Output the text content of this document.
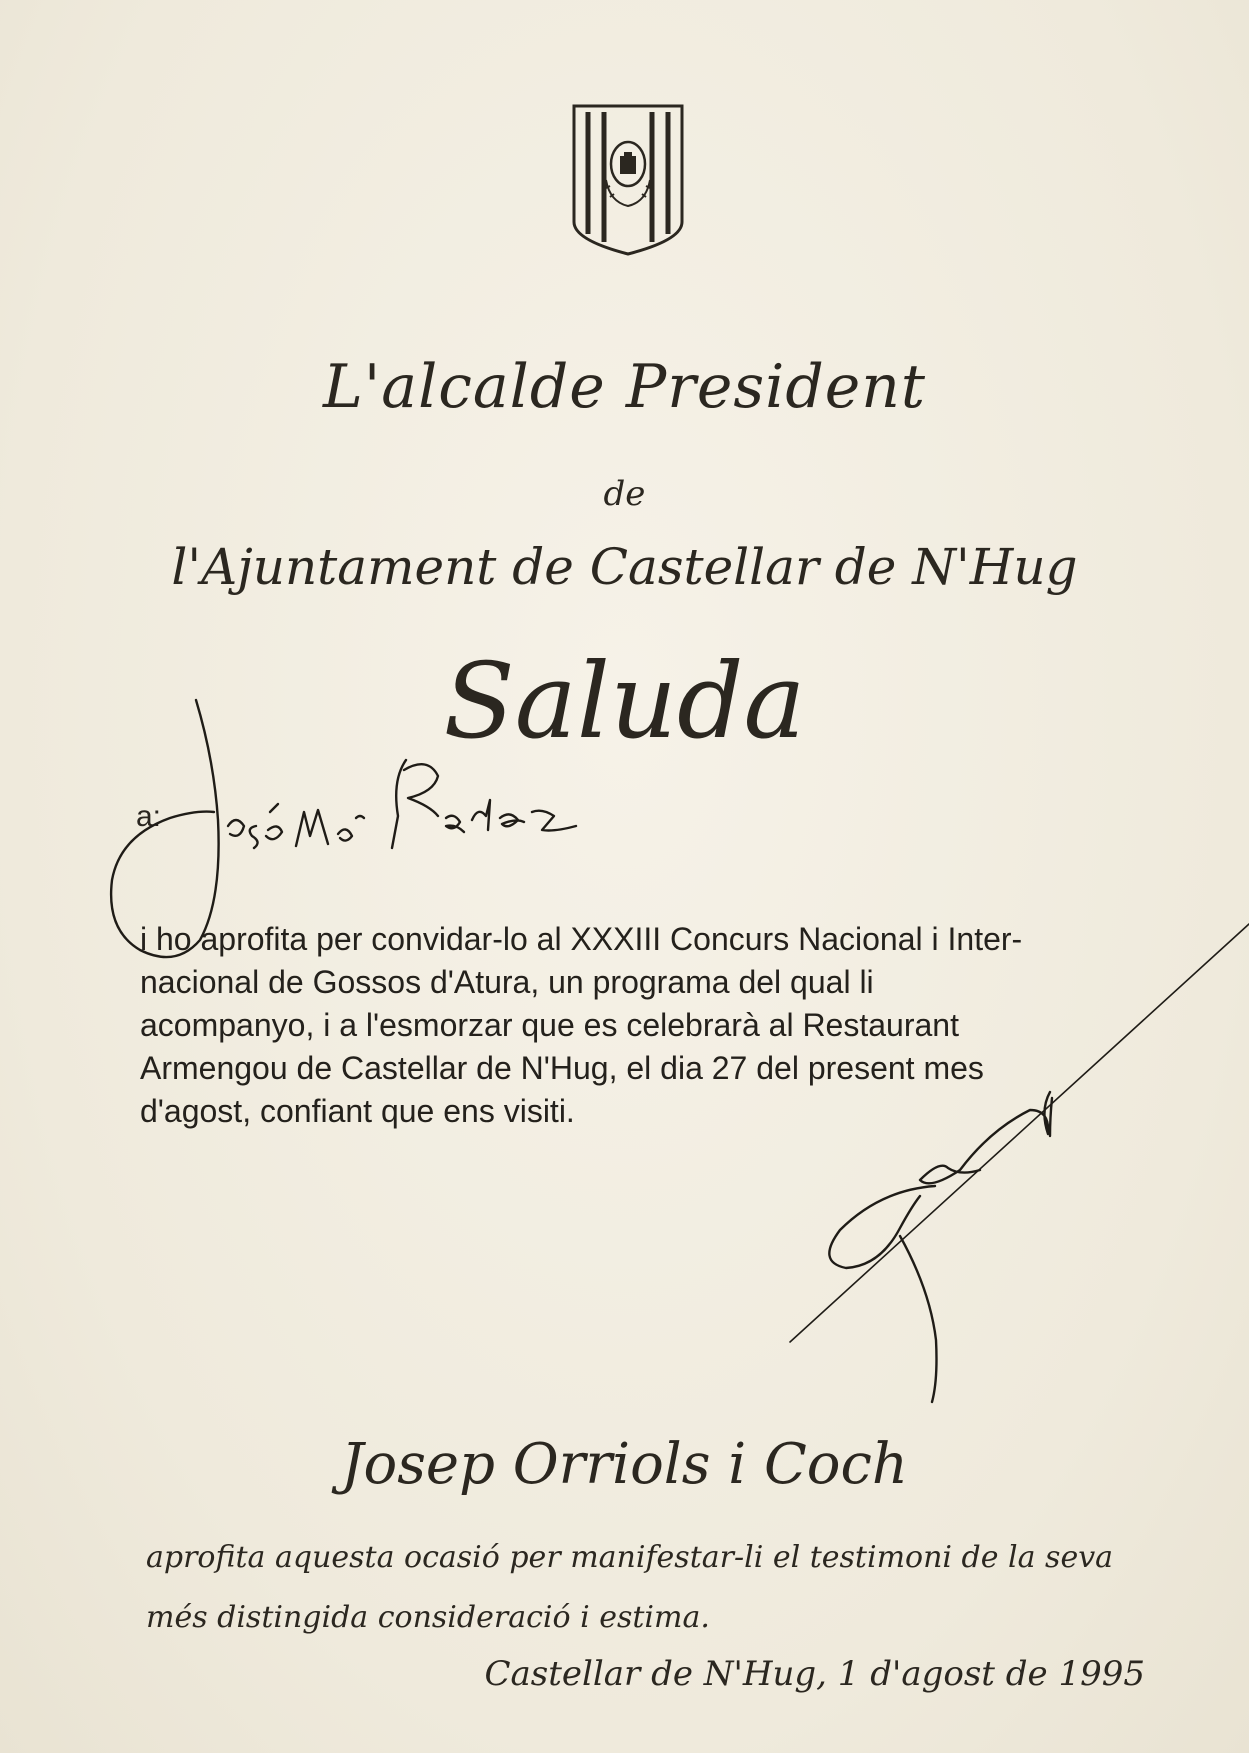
L'alcalde President
de
l'Ajuntament de Castellar de N'Hug
Saluda
a:
i ho aprofita per convidar-lo al XXXIII Concurs Nacional i Inter-
nacional de Gossos d'Atura, un programa del qual li
acompanyo, i a l'esmorzar que es celebrarà al Restaurant
Armengou de Castellar de N'Hug, el dia 27 del present mes
d'agost, confiant que ens visiti.
Josep Orriols i Coch
aprofita aquesta ocasió per manifestar-li el testimoni de la seva
més distingida consideració i estima.
Castellar de N'Hug, 1 d'agost de 1995
